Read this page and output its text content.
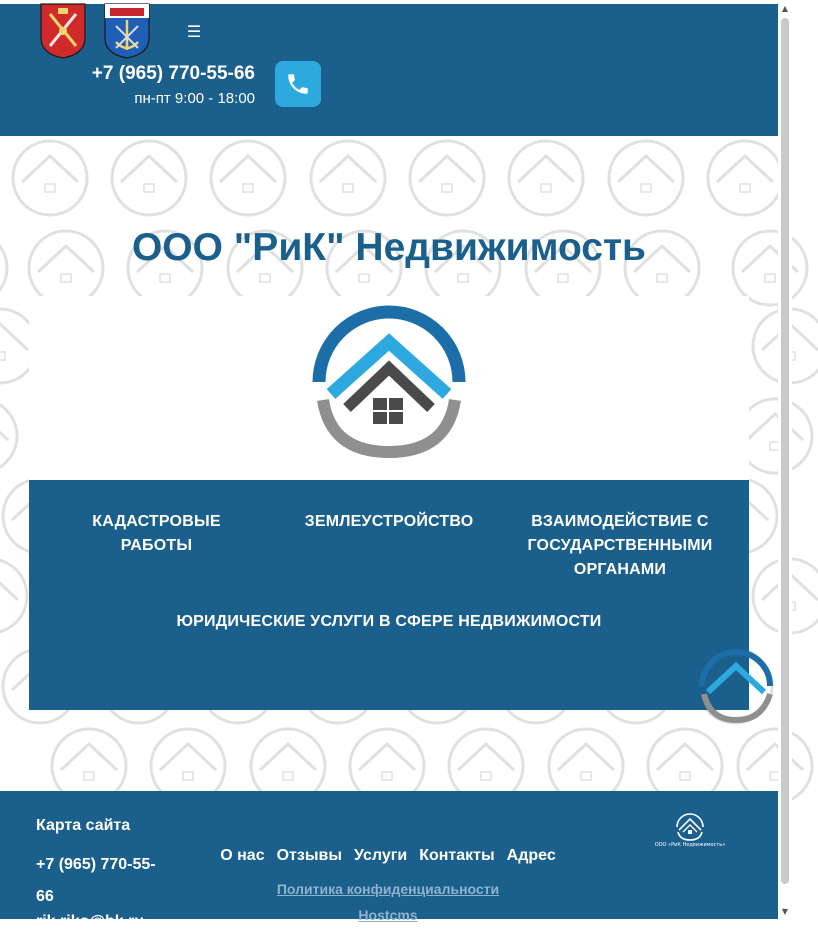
☰
+7 (965) 770-55-66
пн-пт 9:00 - 18:00
ООО "РиК" Недвижимость
КАДАСТРОВЫЕ РАБОТЫ
ЗЕМЛЕУСТРОЙСТВО	ВЗАИМОДЕЙСТВИЕ С ГОСУДАРСТВЕННЫМИ ОРГАНАМИ
ЮРИДИЧЕСКИЕ УСЛУГИ В СФЕРЕ НЕДВИЖИМОСТИ
Карта сайта
+7 (965) 770-55-66
rik.riko@bk.ru
О нас Отзывы Услуги Контакты Адрес
Политика конфиденциальности
Hostcms
ООО «РиК Недвижимость»
▲
▼
